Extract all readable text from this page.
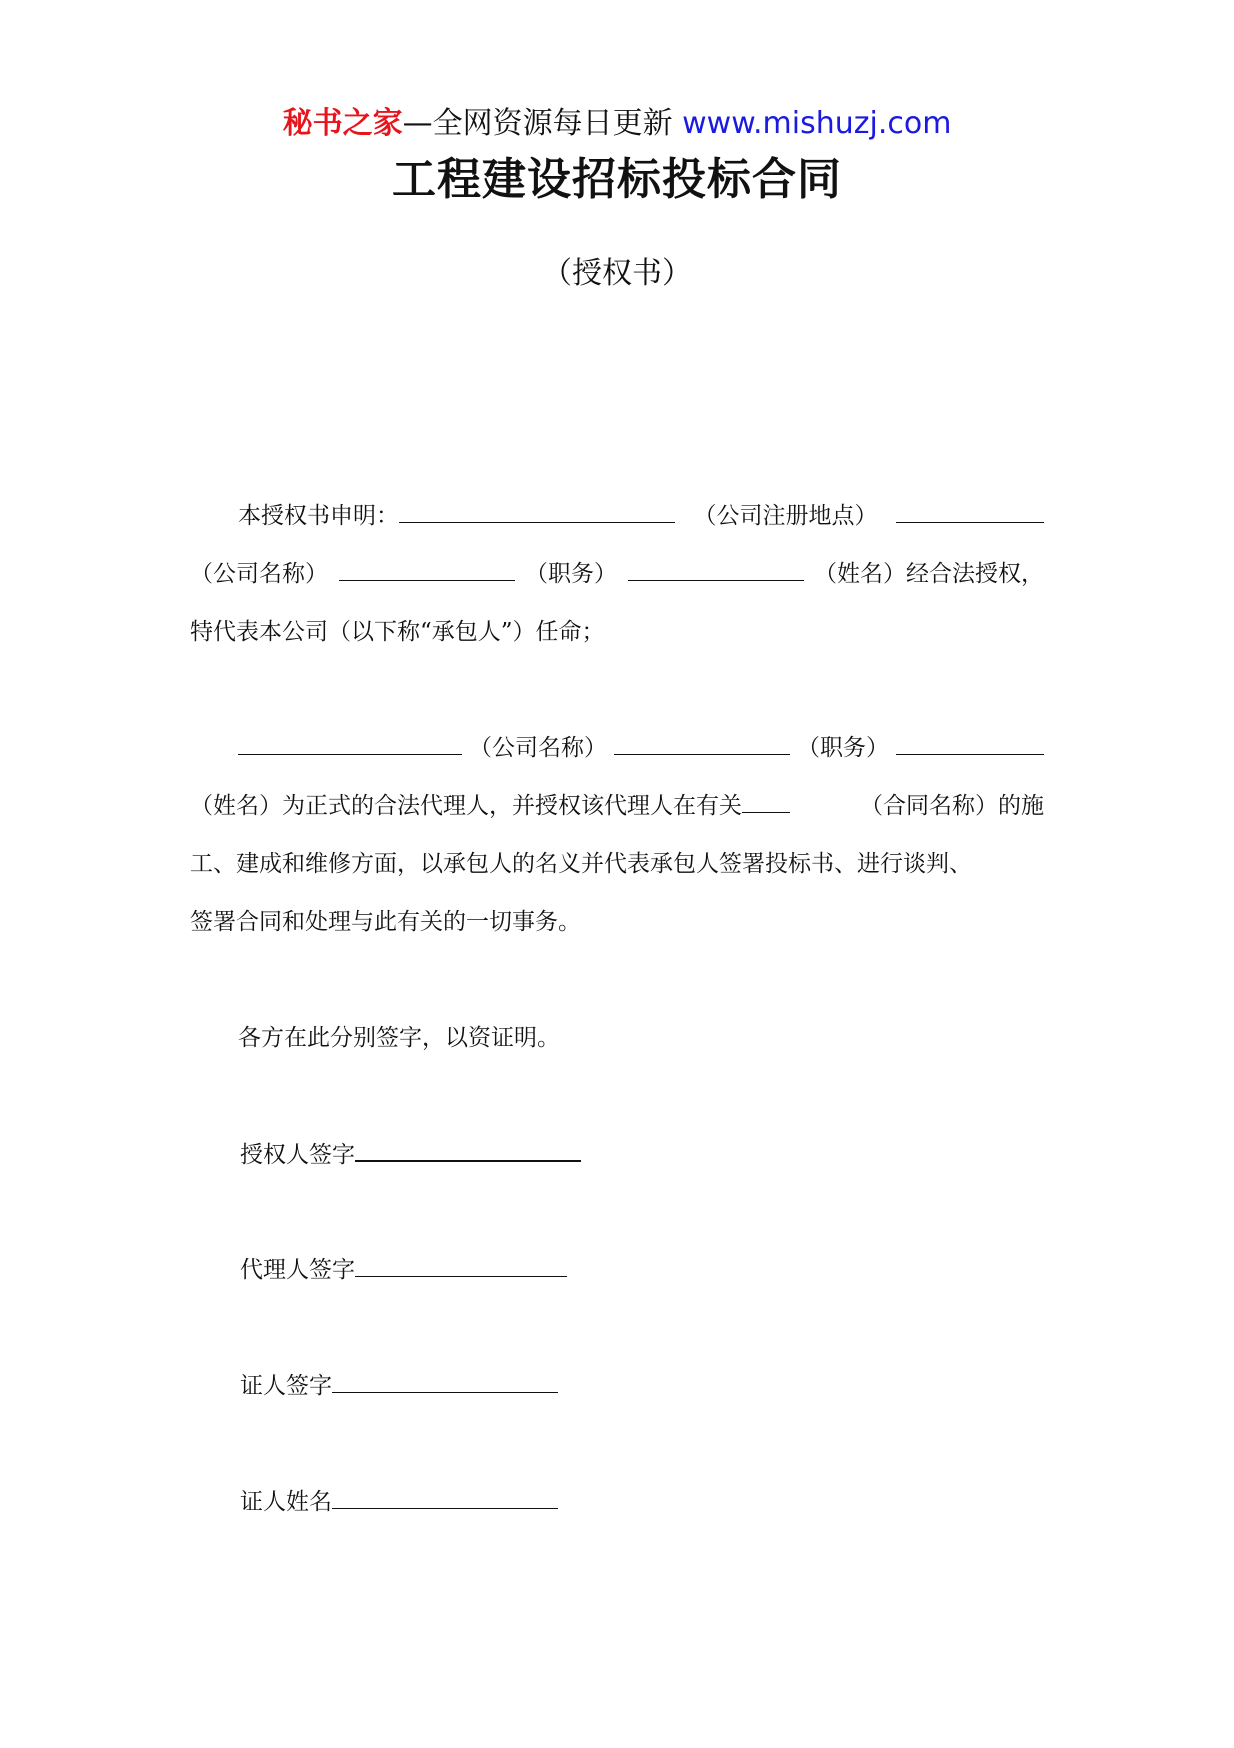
秘书之家—全网资源每日更新 www.mishuzj.com
工程建设招标投标合同
（授权书）
本授权书申明：	（公司注册地点）
（公司名称）	（职务）	（姓名）经合法授权，
特代表本公司（以下称“承包人”）任命；
（公司名称）	（职务）
（姓名）为正式的合法代理人，并授权该代理人在有关	（合同名称）的施
工、建成和维修方面，以承包人的名义并代表承包人签署投标书、进行谈判、
签署合同和处理与此有关的一切事务。
各方在此分别签字，以资证明。
授权人签字
代理人签字
证人签字
证人姓名
